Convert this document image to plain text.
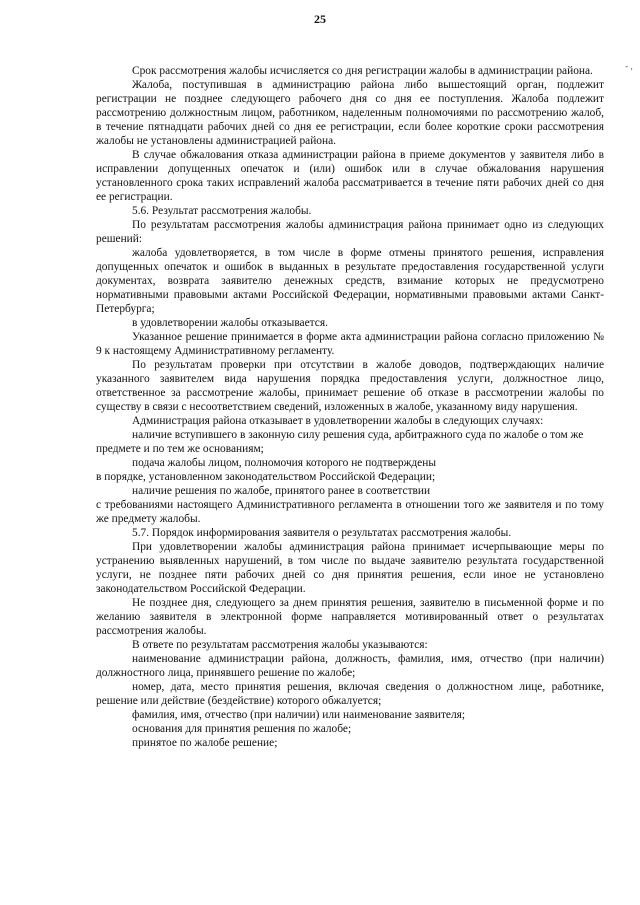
25
- ,

Срок рассмотрения жалобы исчисляется со дня регистрации жалобы в администрации района.

Жалоба, поступившая в администрацию района либо вышестоящий орган, подлежит регистрации не позднее следующего рабочего дня со дня ее поступления. Жалоба подлежит рассмотрению должностным лицом, работником, наделенным полномочиями по рассмотрению жалоб, в течение пятнадцати рабочих дней со дня ее регистрации, если более короткие сроки рассмотрения жалобы не установлены администрацией района.

В случае обжалования отказа администрации района в приеме документов у заявителя либо в исправлении допущенных опечаток и (или) ошибок или в случае обжалования нарушения установленного срока таких исправлений жалоба рассматривается в течение пяти рабочих дней со дня ее регистрации.

5.6. Результат рассмотрения жалобы.

По результатам рассмотрения жалобы администрация района принимает одно из следующих решений:

жалоба удовлетворяется, в том числе в форме отмены принятого решения, исправления допущенных опечаток и ошибок в выданных в результате предоставления государственной услуги документах, возврата заявителю денежных средств, взимание которых не предусмотрено нормативными правовыми актами Российской Федерации, нормативными правовыми актами Санкт-Петербурга;

в удовлетворении жалобы отказывается.

Указанное решение принимается в форме акта администрации района согласно приложению № 9 к настоящему Административному регламенту.

По результатам проверки при отсутствии в жалобе доводов, подтверждающих наличие указанного заявителем вида нарушения порядка предоставления услуги, должностное лицо, ответственное за рассмотрение жалобы, принимает решение об отказе в рассмотрении жалобы по существу в связи с несоответствием сведений, изложенных в жалобе, указанному виду нарушения.

Администрация района отказывает в удовлетворении жалобы в следующих случаях:

наличие вступившего в законную силу решения суда, арбитражного суда по жалобе о том же предмете и по тем же основаниям;

подача жалобы лицом, полномочия которого не подтверждены

в порядке, установленном законодательством Российской Федерации;

наличие решения по жалобе, принятого ранее в соответствии

с требованиями настоящего Административного регламента в отношении того же заявителя и по тому же предмету жалобы.

5.7. Порядок информирования заявителя о результатах рассмотрения жалобы.

При удовлетворении жалобы администрация района принимает исчерпывающие меры по устранению выявленных нарушений, в том числе по выдаче заявителю результата государственной услуги, не позднее пяти рабочих дней со дня принятия решения, если иное не установлено законодательством Российской Федерации.

Не позднее дня, следующего за днем принятия решения, заявителю в письменной форме и по желанию заявителя в электронной форме направляется мотивированный ответ о результатах рассмотрения жалобы.

В ответе по результатам рассмотрения жалобы указываются:

наименование администрации района, должность, фамилия, имя, отчество (при наличии) должностного лица, принявшего решение по жалобе;

номер, дата, место принятия решения, включая сведения о должностном лице, работнике, решение или действие (бездействие) которого обжалуется;

фамилия, имя, отчество (при наличии) или наименование заявителя;

основания для принятия решения по жалобе;

принятое по жалобе решение;
